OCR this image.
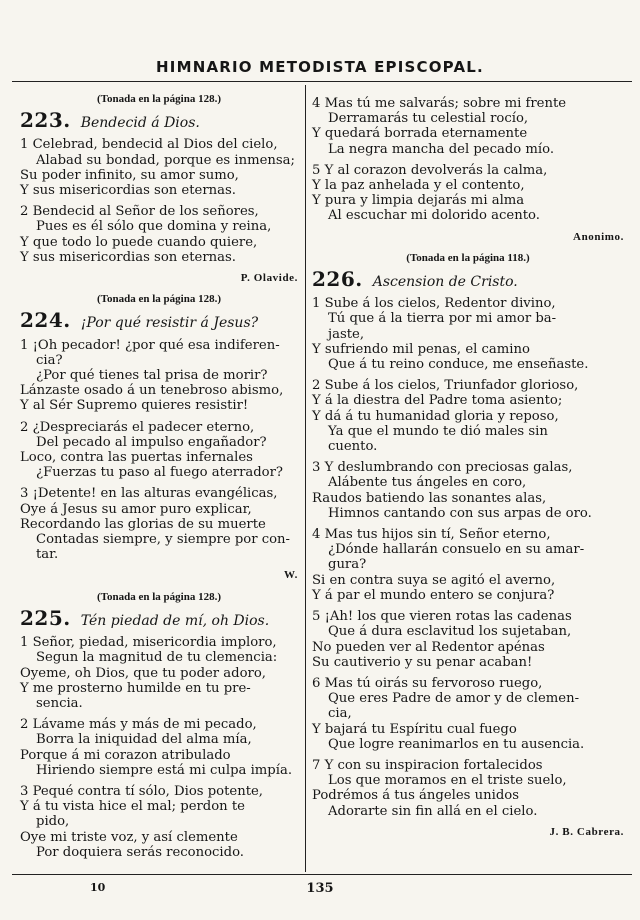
HIMNARIO METODISTA EPISCOPAL.
(Tonada en la página 128.)
223. Bendecid á Dios.
1 Celebrad, bendecid al Dios del cielo,
Alabad su bondad, porque es inmensa;
Su poder infinito, su amor sumo,
Y sus misericordias son eternas.
2 Bendecid al Señor de los señores,
Pues es él sólo que domina y reina,
Y que todo lo puede cuando quiere,
Y sus misericordias son eternas.
P. Olavide.
(Tonada en la página 128.)
224. ¡Por qué resistir á Jesus?
1 ¡Oh pecador! ¿por qué esa indiferen-
cia?
¿Por qué tienes tal prisa de morir?
Lánzaste osado á un tenebroso abismo,
Y al Sér Supremo quieres resistir!
2 ¿Despreciarás el padecer eterno,
Del pecado al impulso engañador?
Loco, contra las puertas infernales
¿Fuerzas tu paso al fuego aterrador?
3 ¡Detente! en las alturas evangélicas,
Oye á Jesus su amor puro explicar,
Recordando las glorias de su muerte
Contadas siempre, y siempre por con-
tar.
W.
(Tonada en la página 128.)
225. Tén piedad de mí, oh Dios.
1 Señor, piedad, misericordia imploro,
Segun la magnitud de tu clemencia:
Oyeme, oh Dios, que tu poder adoro,
Y me prosterno humilde en tu pre-
sencia.
2 Lávame más y más de mi pecado,
Borra la iniquidad del alma mía,
Porque á mi corazon atribulado
Hiriendo siempre está mi culpa impía.
3 Pequé contra tí sólo, Dios potente,
Y á tu vista hice el mal; perdon te
pido,
Oye mi triste voz, y así clemente
Por doquiera serás reconocido.
4 Mas tú me salvarás; sobre mi frente
Derramarás tu celestial rocío,
Y quedará borrada eternamente
La negra mancha del pecado mío.
5 Y al corazon devolverás la calma,
Y la paz anhelada y el contento,
Y pura y limpia dejarás mi alma
Al escuchar mi dolorido acento.
Anonimo.
(Tonada en la página 118.)
226. Ascension de Cristo.
1 Sube á los cielos, Redentor divino,
Tú que á la tierra por mi amor ba-
jaste,
Y sufriendo mil penas, el camino
Que á tu reino conduce, me enseñaste.
2 Sube á los cielos, Triunfador glorioso,
Y á la diestra del Padre toma asiento;
Y dá á tu humanidad gloria y reposo,
Ya que el mundo te dió males sin
cuento.
3 Y deslumbrando con preciosas galas,
Alábente tus ángeles en coro,
Raudos batiendo las sonantes alas,
Himnos cantando con sus arpas de oro.
4 Mas tus hijos sin tí, Señor eterno,
¿Dónde hallarán consuelo en su amar-
gura?
Si en contra suya se agitó el averno,
Y á par el mundo entero se conjura?
5 ¡Ah! los que vieren rotas las cadenas
Que á dura esclavitud los sujetaban,
No pueden ver al Redentor apénas
Su cautiverio y su penar acaban!
6 Mas tú oirás su fervoroso ruego,
Que eres Padre de amor y de clemen-
cia,
Y bajará tu Espíritu cual fuego
Que logre reanimarlos en tu ausencia.
7 Y con su inspiracion fortalecidos
Los que moramos en el triste suelo,
Podrémos á tus ángeles unidos
Adorarte sin fin allá en el cielo.
J. B. Cabrera.
10	135
